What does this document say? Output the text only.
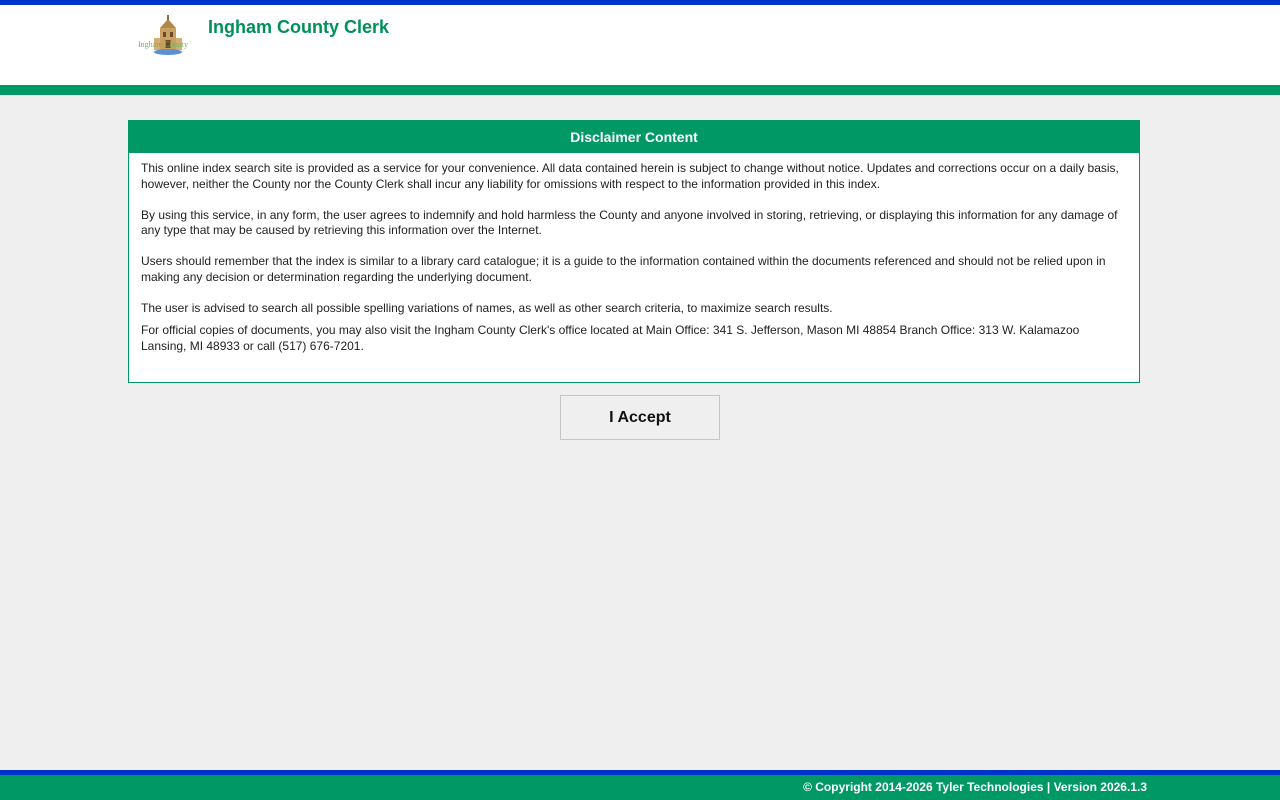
Ingham County
Ingham County Clerk
Disclaimer Content

This online index search site is provided as a service for your convenience. All data contained herein is subject to change without notice. Updates and corrections occur on a daily basis, however, neither the County nor the County Clerk shall incur any liability for omissions with respect to the information provided in this index.

By using this service, in any form, the user agrees to indemnify and hold harmless the County and anyone involved in storing, retrieving, or displaying this information for any damage of any type that may be caused by retrieving this information over the Internet.

Users should remember that the index is similar to a library card catalogue; it is a guide to the information contained within the documents referenced and should not be relied upon in making any decision or determination regarding the underlying document.

The user is advised to search all possible spelling variations of names, as well as other search criteria, to maximize search results.

For official copies of documents, you may also visit the Ingham County Clerk's office located at Main Office: 341 S. Jefferson, Mason MI 48854 Branch Office: 313 W. Kalamazoo Lansing, MI 48933 or call (517) 676-7201.

I Accept
© Copyright 2014-2026 Tyler Technologies | Version 2026.1.3
